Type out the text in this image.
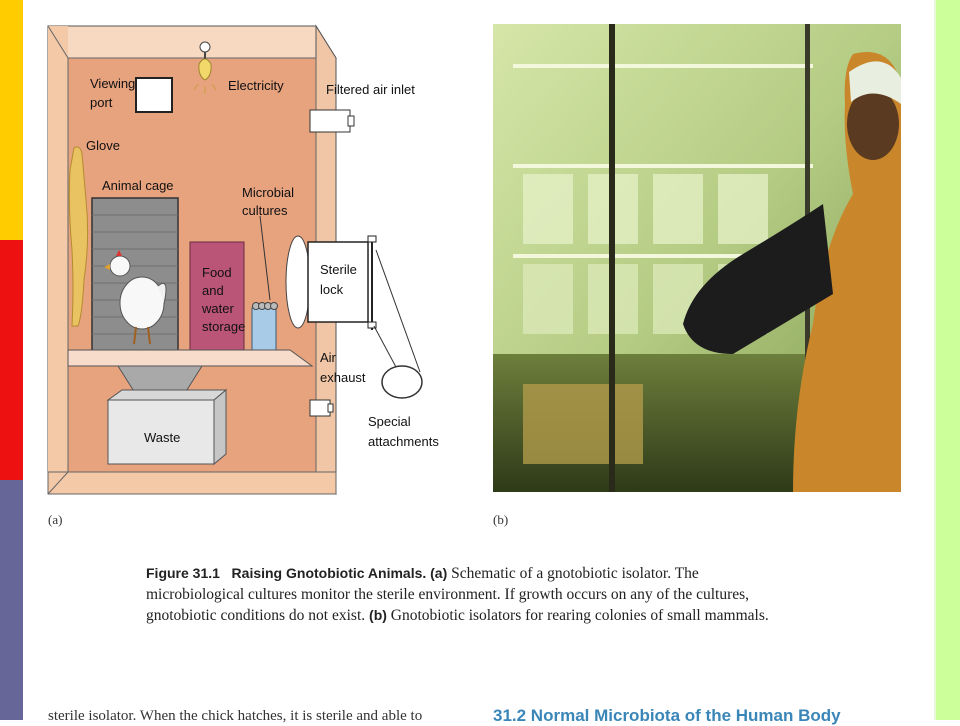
Viewing port
Electricity	Filtered air inlet
Glove
Animal cage	Microbial cultures
Food and water storage
Sterile lock
Air exhaust
Waste
Special attachments
(a)	(b)
Figure 31.1 Raising Gnotobiotic Animals. (a) Schematic of a gnotobiotic isolator. The microbiological cultures monitor the sterile environment. If growth occurs on any of the cultures, gnotobiotic conditions do not exist. (b) Gnotobiotic isolators for rearing colonies of small mammals.
sterile isolator. When the chick hatches, it is sterile and able to	31.2 Normal Microbiota of the Human Body
